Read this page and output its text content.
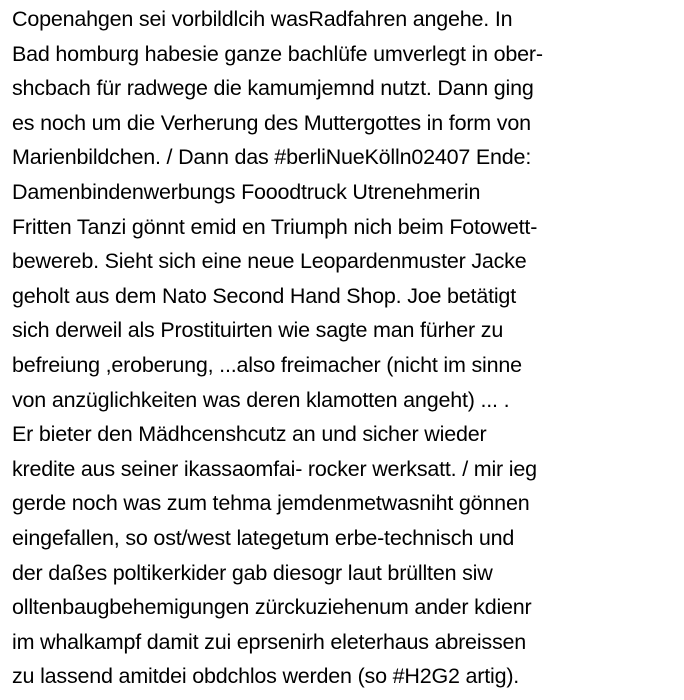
Copenahgen sei vorbildlcih wasRadfahren angehe. In
Bad homburg habesie ganze bachlüfe umverlegt in ober-
shcbach für radwege die kamumjemnd nutzt. Dann ging
es noch um die Verherung des Muttergottes in form von
Marienbildchen. / Dann das #berliNueKölln02407 Ende:
Damenbindenwerbungs Fooodtruck Utrenehmerin
Fritten Tanzi gönnt emid en Triumph nich beim Fotowett-
bewereb. Sieht sich eine neue Leopardenmuster Jacke
geholt aus dem Nato Second Hand Shop. Joe betätigt
sich derweil als Prostituirten wie sagte man fürher zu
befreiung ,eroberung, ...also freimacher (nicht im sinne
von anzüglichkeiten was deren klamotten angeht) ... .
Er bieter den Mädhcenshcutz an und sicher wieder
kredite aus seiner ikassaomfai- rocker werksatt. / mir ieg
gerde noch was zum tehma jemdenmetwasniht gönnen
eingefallen, so ost/west lategetum erbe-technisch und
der daßes poltikerkider gab diesogr laut brüllten siw
olltenbaugbehemigungen zürckuziehenum ander kdienr
im whalkampf damit zui eprsenirh eleterhaus abreissen
zu lassend amitdei obdchlos werden (so #H2G2 artig).
